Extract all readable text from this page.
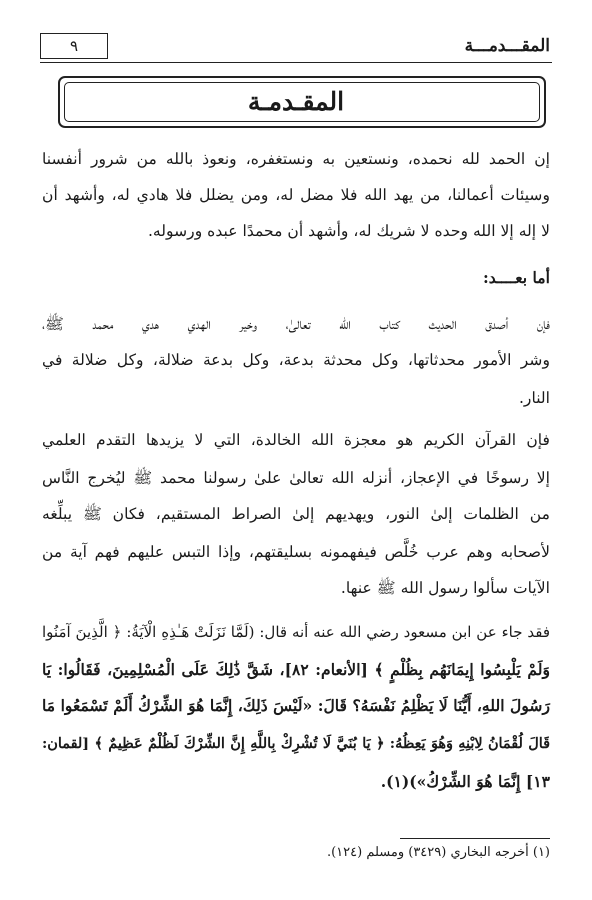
٩	المقـــدمـــة
المقـدمـة
إن الحمد لله نحمده، ونستعين به ونستغفره، ونعوذ بالله من شرور أنفسنا
وسيئات أعمالنا، من يهد الله فلا مضل له، ومن يضلل فلا هادي له، وأشهد أن
لا إله إلا الله وحده لا شريك له، وأشهد أن محمدًا عبده ورسوله.
أما بعــــد:
فإن أصدق الحديث كتاب الله تعالىٰ، وخير الهدي هدي محمد ﷺ،
وشر الأمور محدثاتها، وكل محدثة بدعة، وكل بدعة ضلالة، وكل ضلالة في
النار.
فإن القرآن الكريم هو معجزة الله الخالدة، التي لا يزيدها التقدم العلمي
إلا رسوخًا في الإعجاز، أنزله الله تعالىٰ علىٰ رسولنا محمد ﷺ ليُخرج النَّاس
من الظلمات إلىٰ النور، ويهديهم إلىٰ الصراط المستقيم، فكان ﷺ يبلِّغه
لأصحابه وهم عرب خُلَّص فيفهمونه بسليقتهم، وإذا التبس عليهم فهم آية من
الآيات سألوا رسول الله ﷺ عنها.
فقد جاء عن ابن مسعود رضي الله عنه أنه قال: (لَمَّا نَزَلَتْ هَـٰذِهِ الْآيَةُ: ﴿ الَّذِينَ آمَنُوا
وَلَمْ يَلْبِسُوا إِيمَانَهُم بِظُلْمٍ ﴾ [الأنعام: ٨٢]، شَقَّ ذَٰلِكَ عَلَى الْمُسْلِمِينَ، فَقَالُوا: يَا
رَسُولَ اللهِ، أَيُّنَا لَا يَظْلِمُ نَفْسَهُ؟ قَالَ: «لَيْسَ ذَلِكَ، إِنَّمَا هُوَ الشِّرْكُ أَلَمْ تَسْمَعُوا مَا
قَالَ لُقْمَانُ لِابْنِهِ وَهُوَ يَعِظُهُ: ﴿ يَا بُنَيَّ لَا تُشْرِكْ بِاللَّهِ إِنَّ الشِّرْكَ لَظُلْمٌ عَظِيمٌ ﴾ [لقمان:
١٣] إِنَّمَا هُوَ الشِّرْكُ»)(١).
(١) أخرجه البخاري (٣٤٢٩) ومسلم (١٢٤).
